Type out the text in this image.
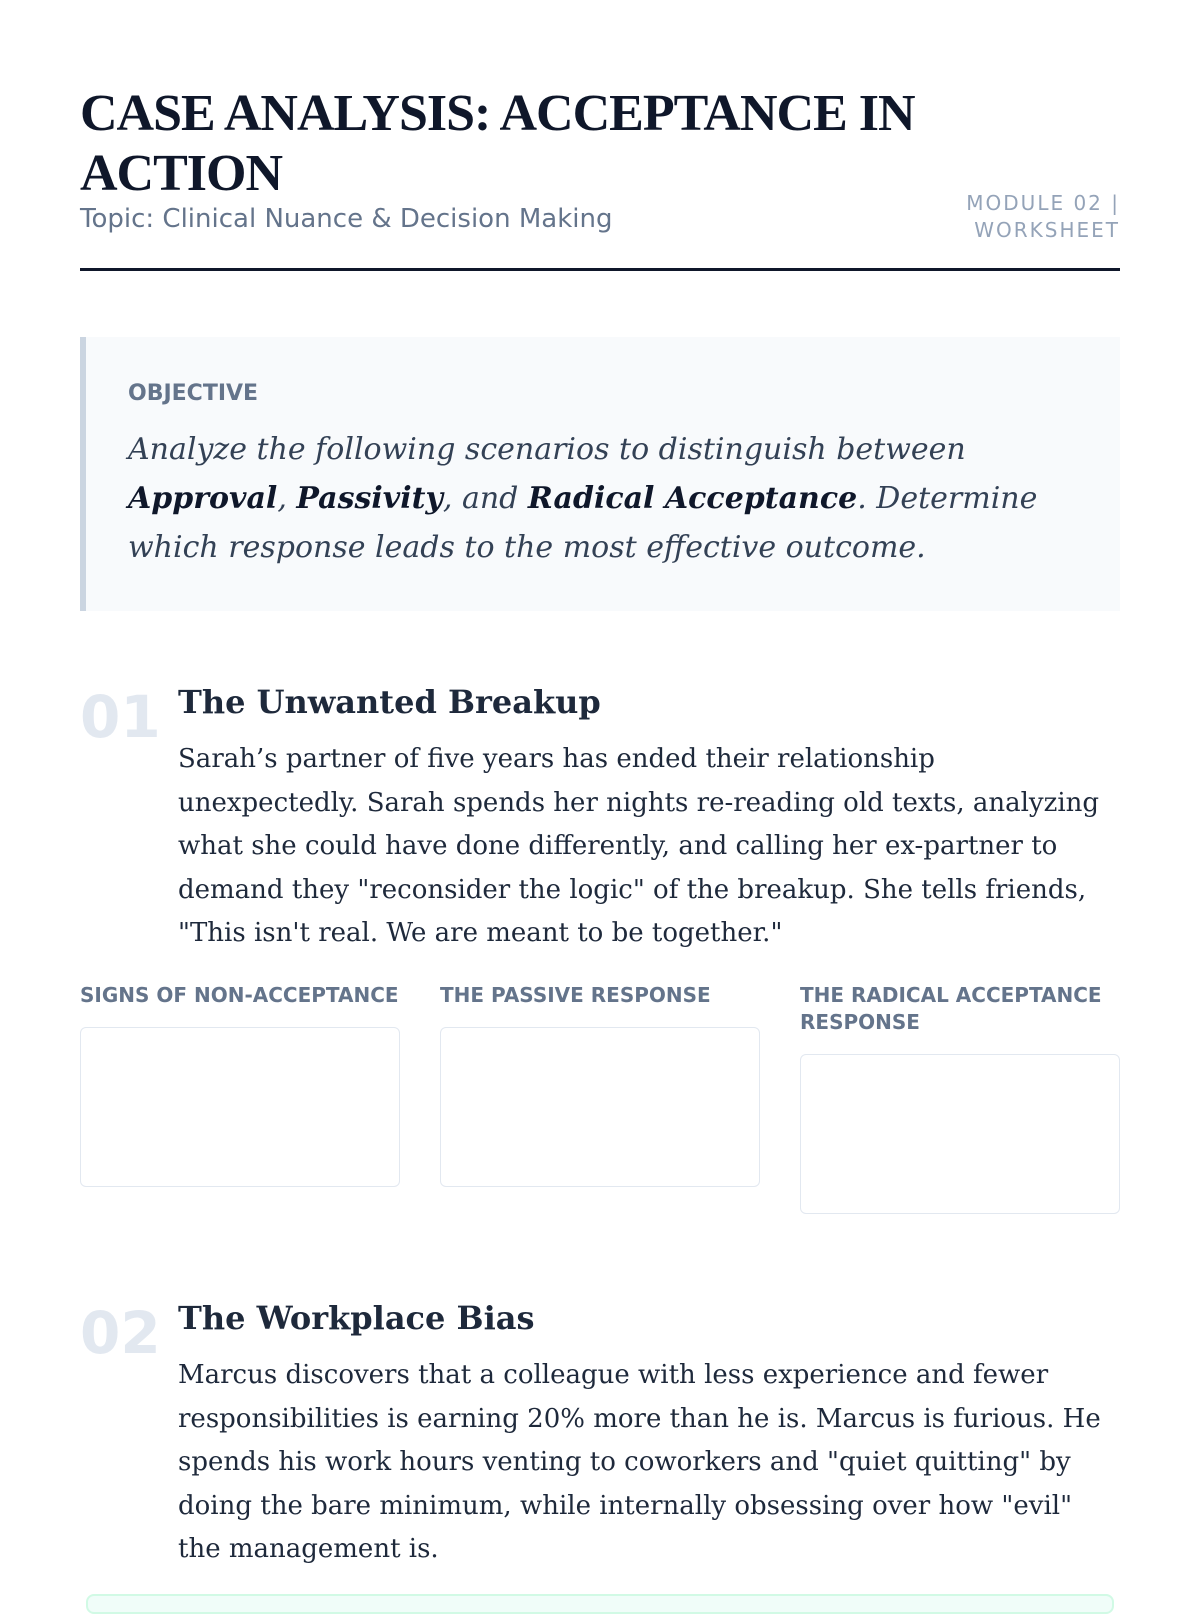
CASE ANALYSIS: ACCEPTANCE IN ACTION
Topic: Clinical Nuance & Decision Making
MODULE 02 | WORKSHEET
OBJECTIVE

Analyze the following scenarios to distinguish between Approval, Passivity, and Radical Acceptance. Determine which response leads to the most effective outcome.

01 The Unwanted Breakup

Sarah’s partner of five years has ended their relationship unexpectedly. Sarah spends her nights re-reading old texts, analyzing what she could have done differently, and calling her ex-partner to demand they "reconsider the logic" of the breakup. She tells friends, "This isn't real. We are meant to be together."

SIGNS OF NON-ACCEPTANCE THE PASSIVE RESPONSE	THE RADICAL ACCEPTANCE RESPONSE
02 The Workplace Bias

Marcus discovers that a colleague with less experience and fewer responsibilities is earning 20% more than he is. Marcus is furious. He spends his work hours venting to coworkers and "quiet quitting" by doing the bare minimum, while internally obsessing over how "evil" the management is.
